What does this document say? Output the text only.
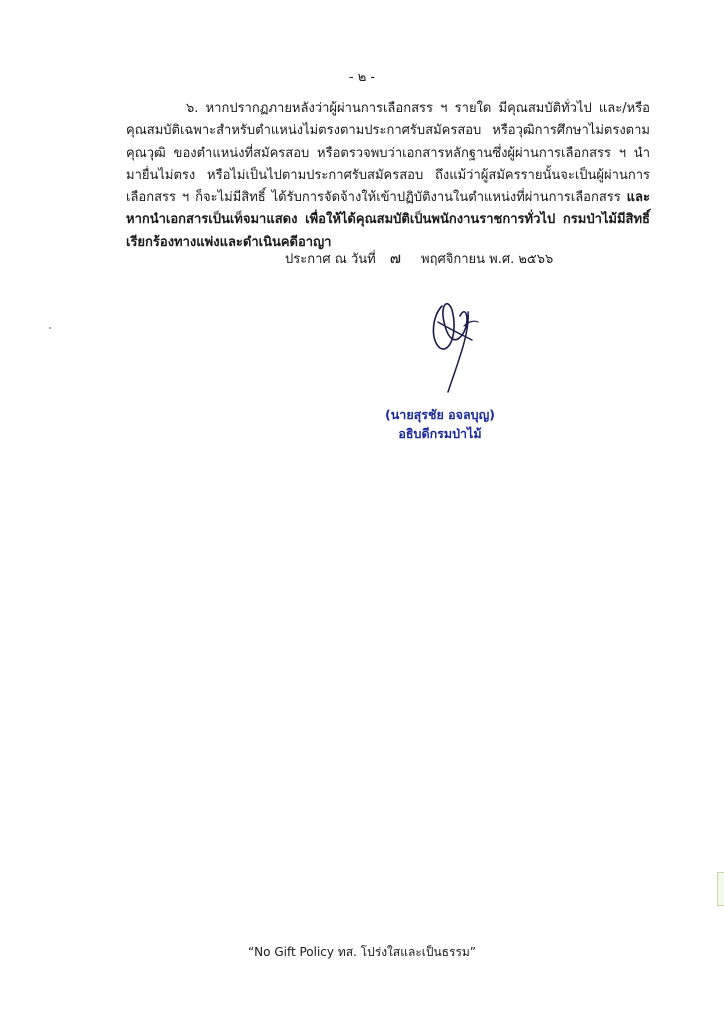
- ๒ -
๖. หากปรากฏภายหลังว่าผู้ผ่านการเลือกสรร ฯ รายใด มีคุณสมบัติทั่วไป และ/หรือ คุณสมบัติเฉพาะสำหรับตำแหน่งไม่ตรงตามประกาศรับสมัครสอบ หรือวุฒิการศึกษาไม่ตรงตามคุณวุฒิ ของตำแหน่งที่สมัครสอบ หรือตรวจพบว่าเอกสารหลักฐานซึ่งผู้ผ่านการเลือกสรร ฯ นำมายื่นไม่ตรง หรือไม่เป็นไปตามประกาศรับสมัครสอบ ถึงแม้ว่าผู้สมัครรายนั้นจะเป็นผู้ผ่านการเลือกสรร ฯ ก็จะไม่มีสิทธิ์ ได้รับการจัดจ้างให้เข้าปฏิบัติงานในตำแหน่งที่ผ่านการเลือกสรร และหากนำเอกสารเป็นเท็จมาแสดง เพื่อให้ได้คุณสมบัติเป็นพนักงานราชการทั่วไป กรมป่าไม้มีสิทธิ์เรียกร้องทางแพ่งและดำเนินคดีอาญา
ประกาศ ณ วันที่ ๗ พฤศจิกายน พ.ศ. ๒๕๖๖
(นายสุรชัย อจลบุญ)
อธิบดีกรมป่าไม้
“No Gift Policy ทส. โปร่งใสและเป็นธรรม”
